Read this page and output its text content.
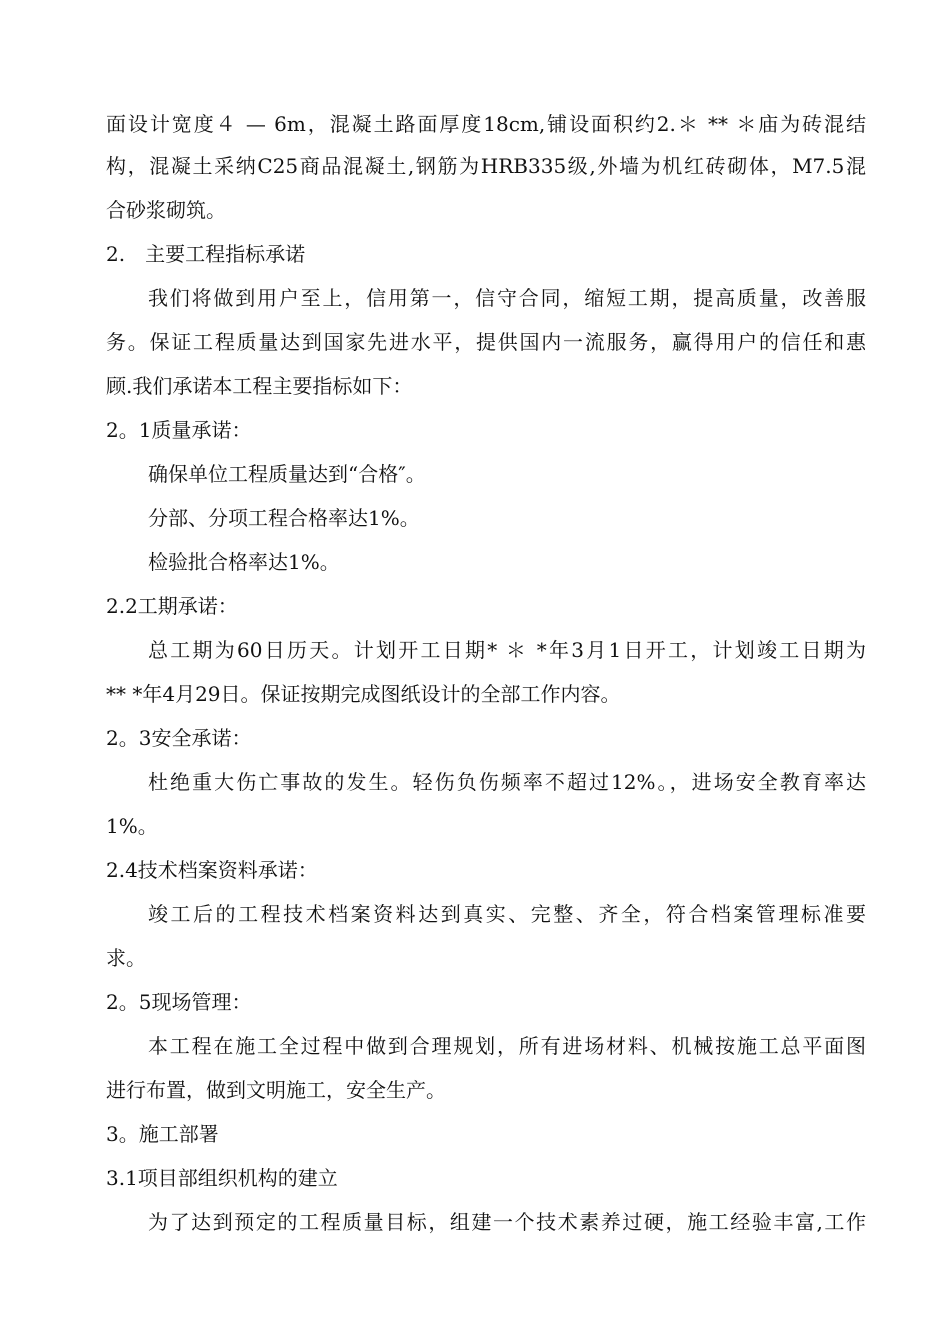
面设计宽度４ — 6m，混凝土路面厚度18cm,铺设面积约2.＊ ** ＊庙为砖混结
构，混凝土采纳C25商品混凝土,钢筋为HRB335级,外墙为机红砖砌体，M7.5混
合砂浆砌筑。
2.　主要工程指标承诺
我们将做到用户至上，信用第一，信守合同，缩短工期，提高质量，改善服
务。保证工程质量达到国家先进水平，提供国内一流服务，赢得用户的信任和惠
顾.我们承诺本工程主要指标如下：
2。1质量承诺：
确保单位工程质量达到“合格″。
分部、分项工程合格率达1%。
检验批合格率达1%。
2.2工期承诺：
总工期为60日历天。计划开工日期* ＊ *年3月1日开工，计划竣工日期为
** *年4月29日。保证按期完成图纸设计的全部工作内容。
2。3安全承诺：
杜绝重大伤亡事故的发生。轻伤负伤频率不超过12%。，进场安全教育率达
1%。
2.4技术档案资料承诺：
竣工后的工程技术档案资料达到真实、完整、齐全，符合档案管理标准要
求。
2。5现场管理：
本工程在施工全过程中做到合理规划，所有进场材料、机械按施工总平面图
进行布置，做到文明施工，安全生产。
3。施工部署
3.1项目部组织机构的建立
为了达到预定的工程质量目标，组建一个技术素养过硬，施工经验丰富,工作
